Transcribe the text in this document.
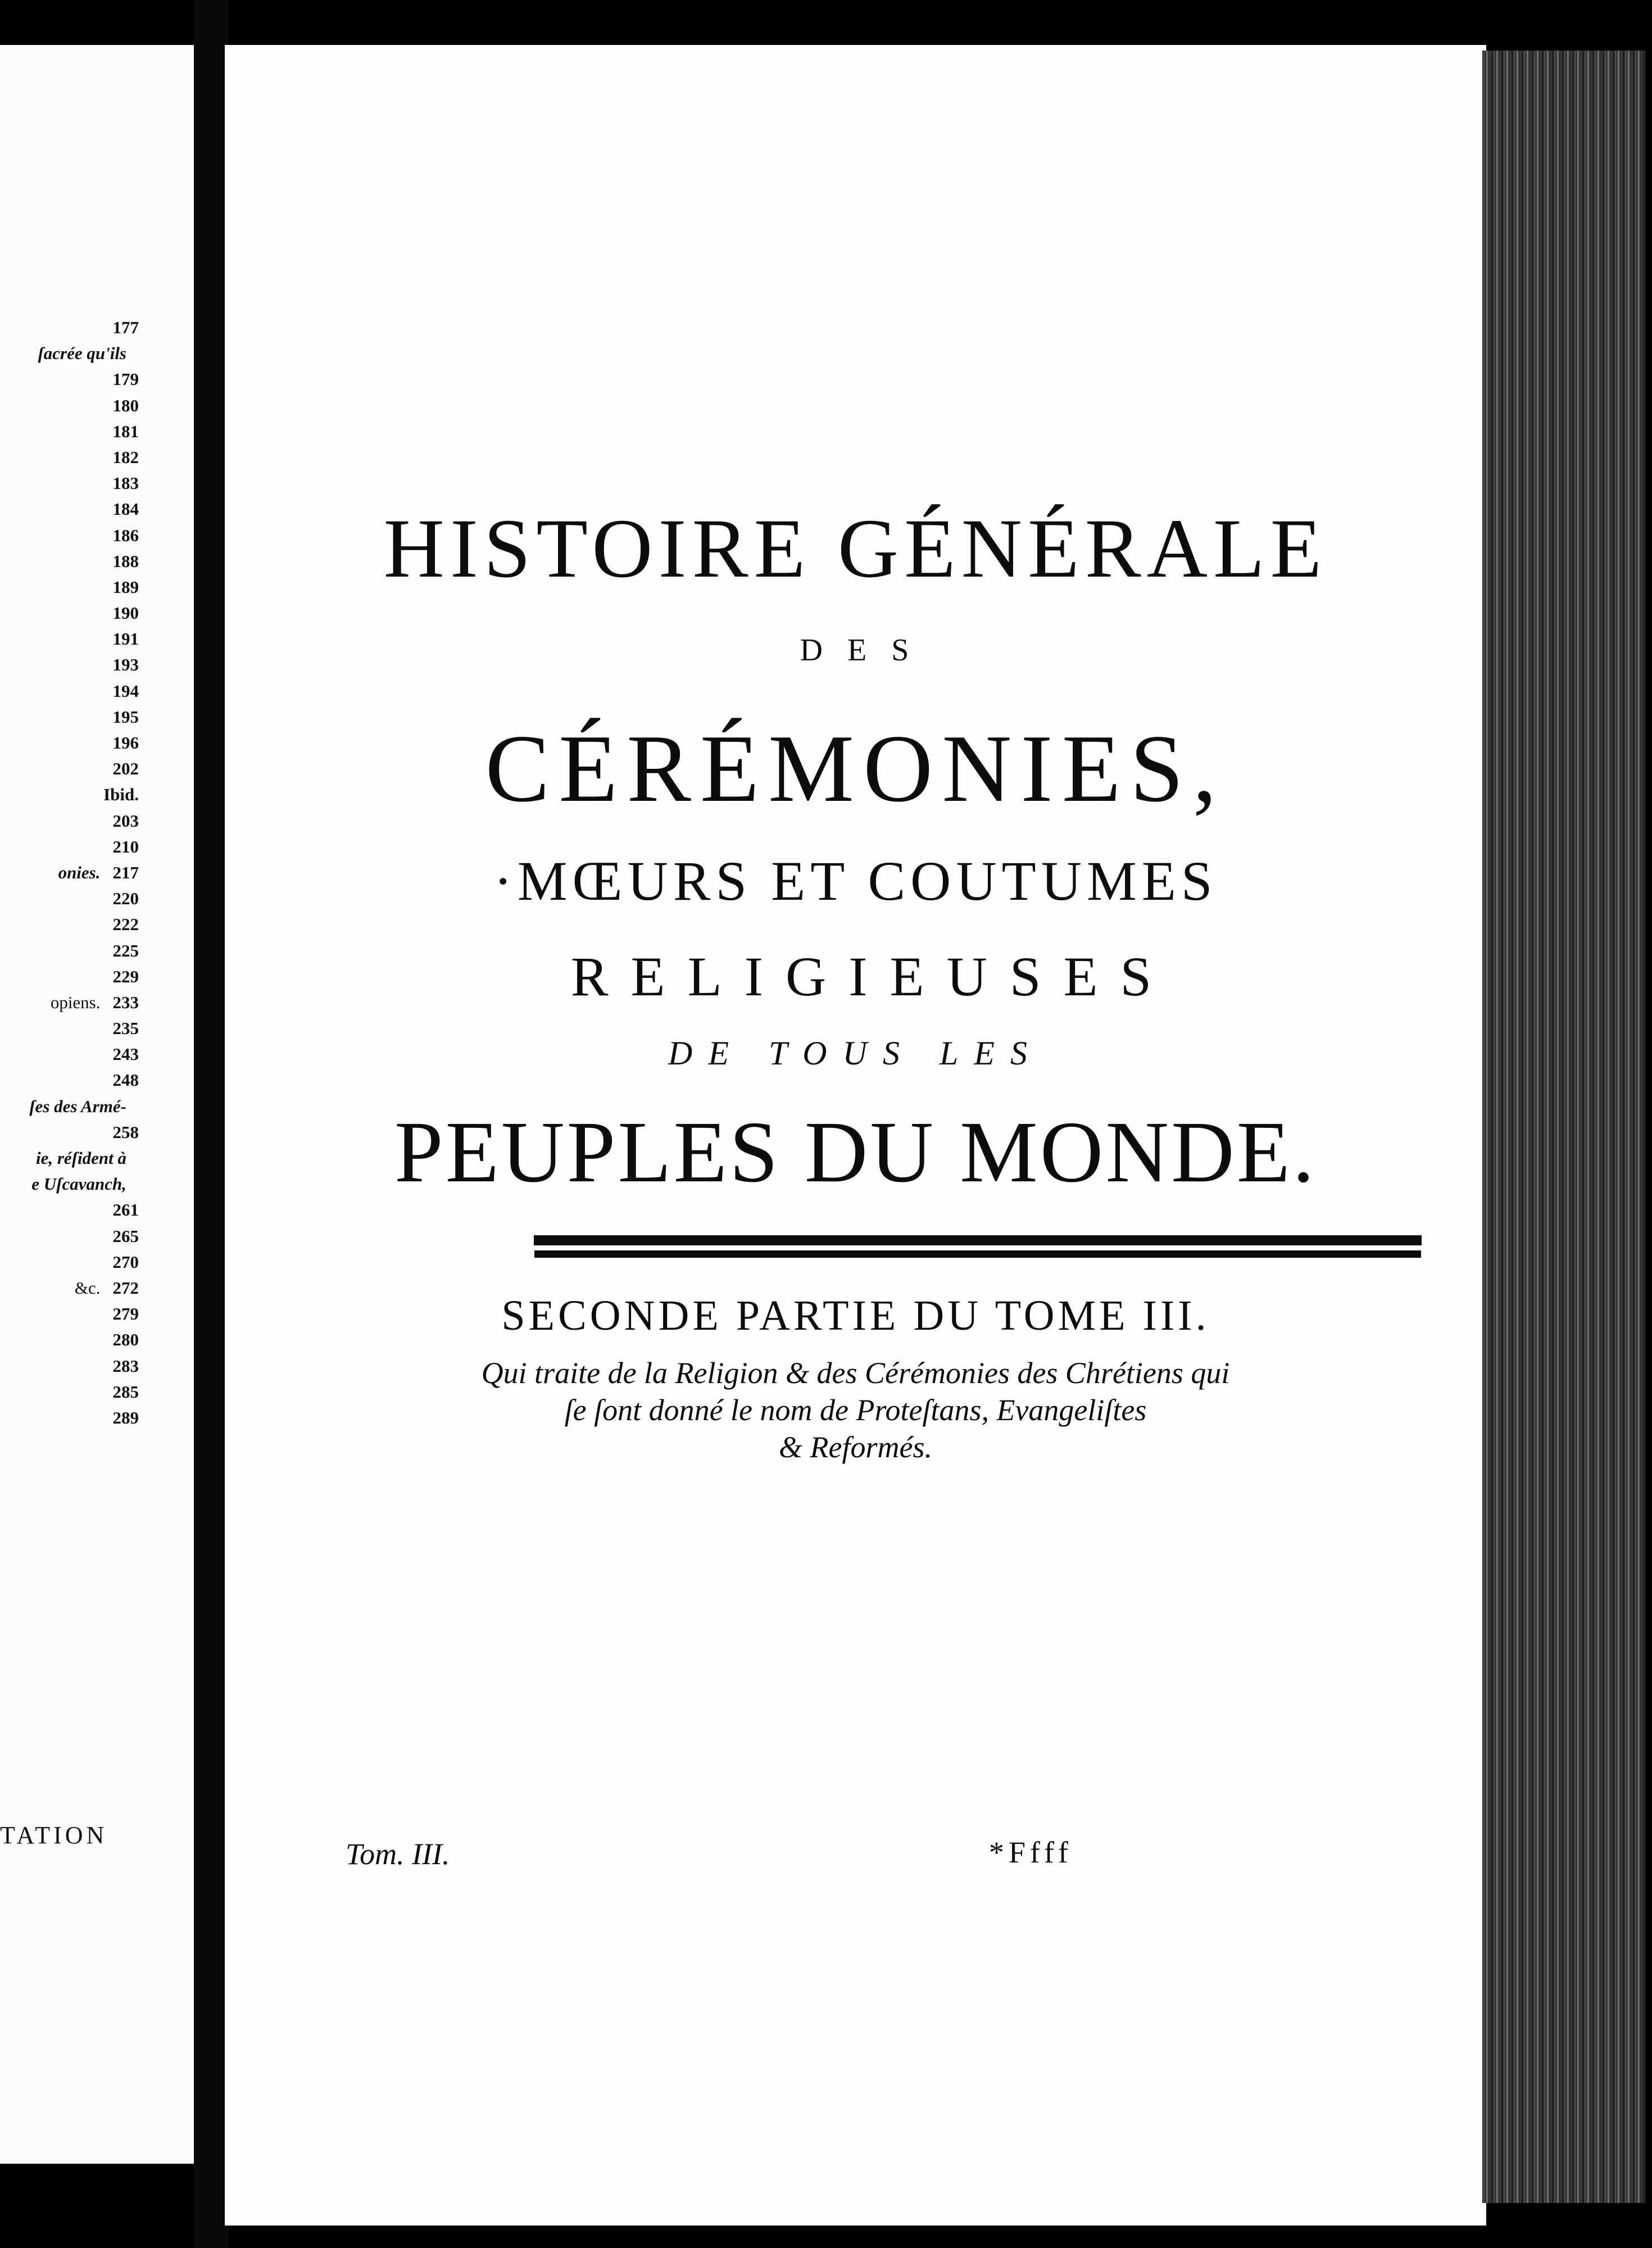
177
ſacrée qu'ils
179
180
181
182
183
184
186
188
189
190
191
193
194
195
196
202
Ibid.
203
210
onies. 217
220
222
225
229
opiens. 233
235
243
248
ſes des Armé-
258
ie, réſident à
e Uſcavanch,
261
265
270
&c. 272
279
280
283
285
289
TATION
HISTOIRE GÉNÉRALE
DES
CÉRÉMONIES,
·MŒURS ET COUTUMES
RELIGIEUSES
DE TOUS LES
PEUPLES DU MONDE.
SECONDE PARTIE DU TOME III.
Qui traite de la Religion & des Cérémonies des Chrétiens qui
ſe ſont donné le nom de Proteſtans, Evangeliſtes
& Reformés.
Tom. III.	*Ffff
